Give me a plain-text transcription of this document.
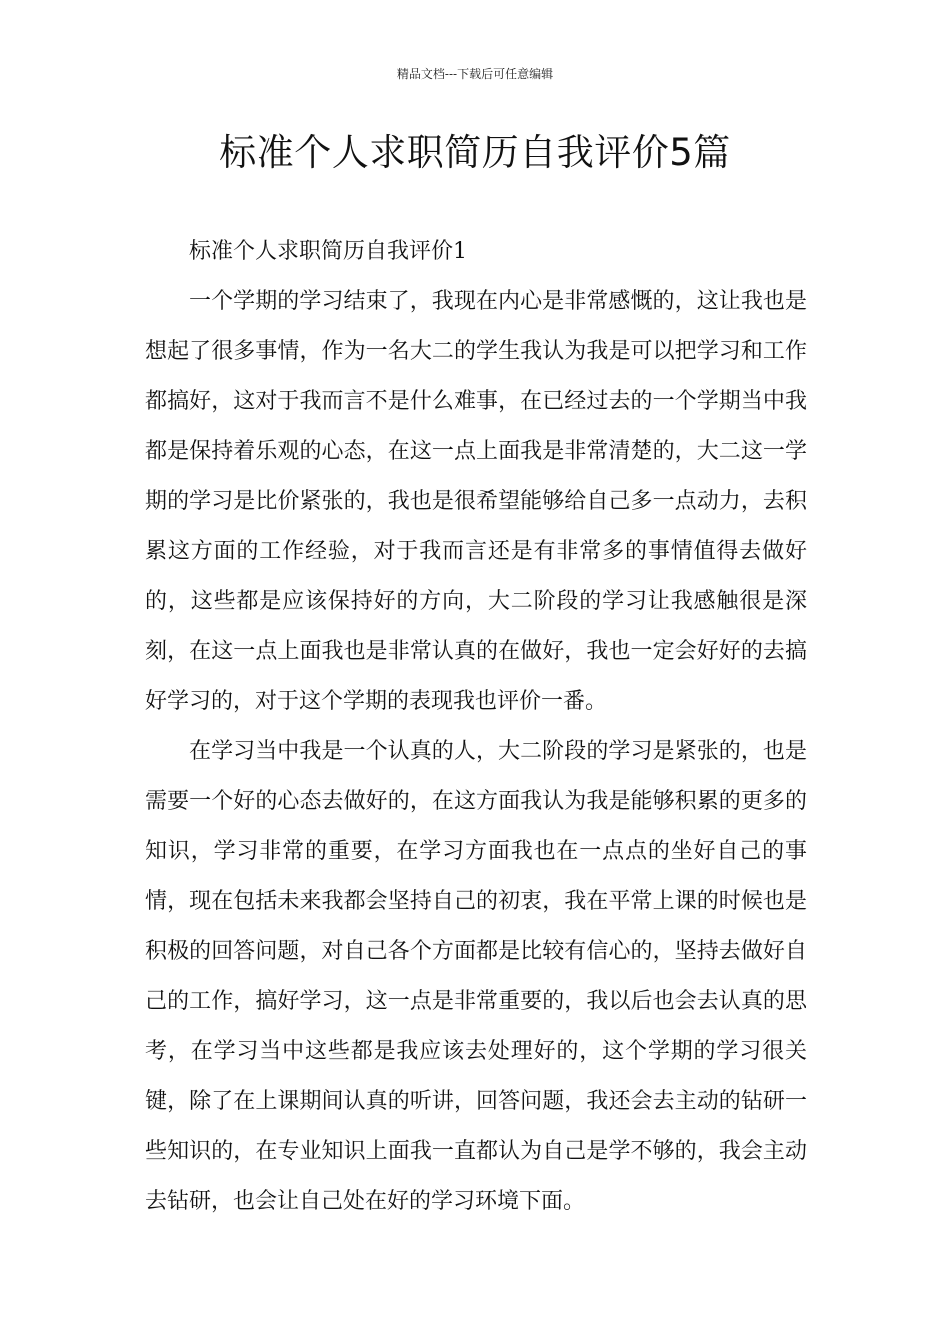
精品文档---下载后可任意编辑
标准个人求职简历自我评价5篇

标准个人求职简历自我评价1

一个学期的学习结束了，我现在内心是非常感慨的，这让我也是想起了很多事情，作为一名大二的学生我认为我是可以把学习和工作都搞好，这对于我而言不是什么难事，在已经过去的一个学期当中我都是保持着乐观的心态，在这一点上面我是非常清楚的，大二这一学期的学习是比价紧张的，我也是很希望能够给自己多一点动力，去积累这方面的工作经验，对于我而言还是有非常多的事情值得去做好的，这些都是应该保持好的方向，大二阶段的学习让我感触很是深刻，在这一点上面我也是非常认真的在做好，我也一定会好好的去搞好学习的，对于这个学期的表现我也评价一番。

在学习当中我是一个认真的人，大二阶段的学习是紧张的，也是需要一个好的心态去做好的，在这方面我认为我是能够积累的更多的知识，学习非常的重要，在学习方面我也在一点点的坐好自己的事情，现在包括未来我都会坚持自己的初衷，我在平常上课的时候也是积极的回答问题，对自己各个方面都是比较有信心的，坚持去做好自己的工作，搞好学习，这一点是非常重要的，我以后也会去认真的思考，在学习当中这些都是我应该去处理好的，这个学期的学习很关键，除了在上课期间认真的听讲，回答问题，我还会去主动的钻研一些知识的，在专业知识上面我一直都认为自己是学不够的，我会主动去钻研，也会让自己处在好的学习环境下面。
